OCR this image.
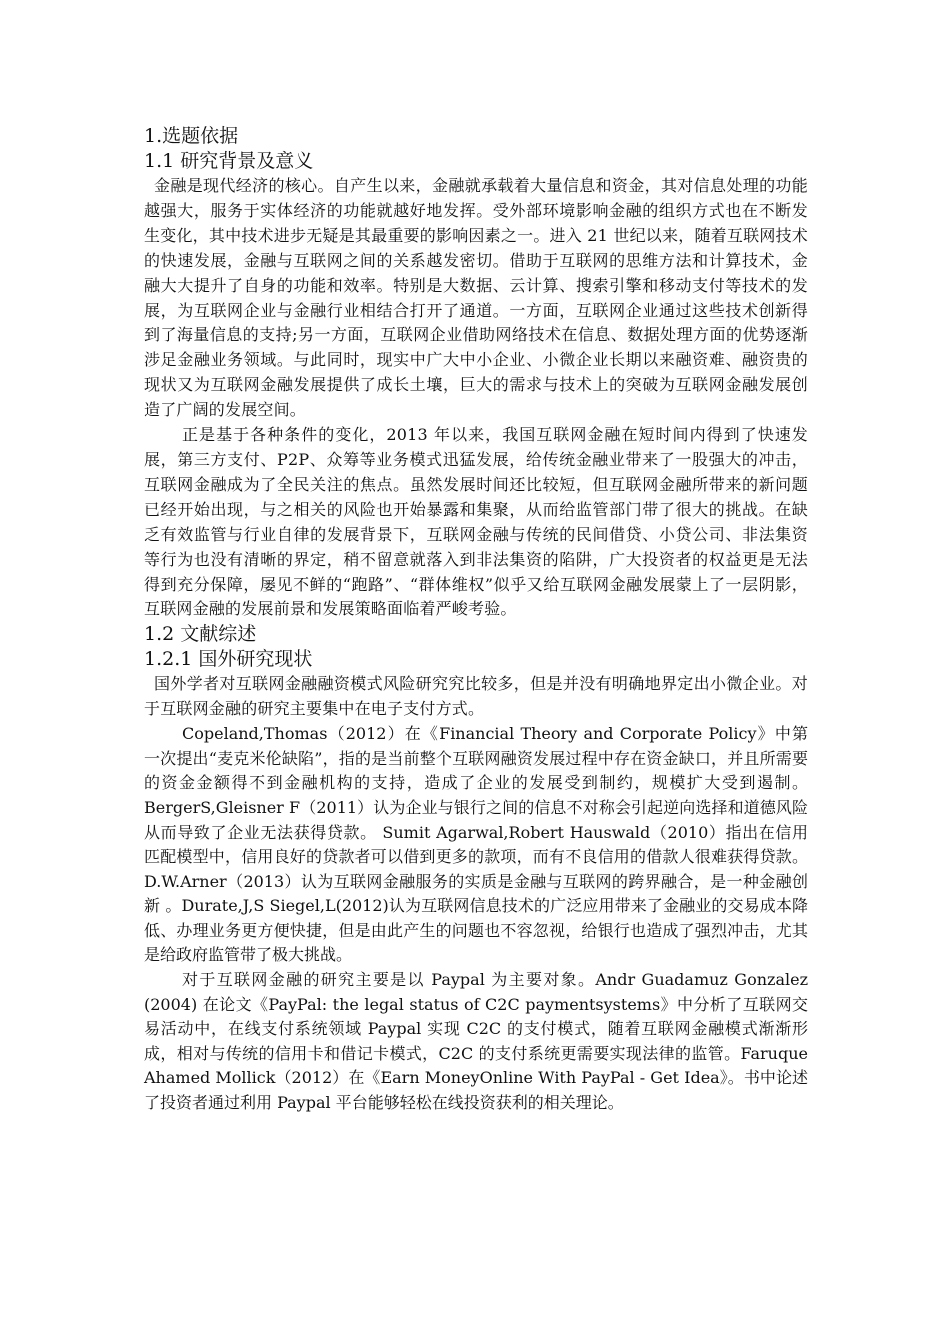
1.选题依据
1.1 研究背景及意义

金融是现代经济的核心。自产生以来，金融就承载着大量信息和资金，其对信息处理的功能越强大，服务于实体经济的功能就越好地发挥。受外部环境影响金融的组织方式也在不断发生变化，其中技术进步无疑是其最重要的影响因素之一。进入 21 世纪以来，随着互联网技术的快速发展，金融与互联网之间的关系越发密切。借助于互联网的思维方法和计算技术，金融大大提升了自身的功能和效率。特别是大数据、云计算、搜索引擎和移动支付等技术的发展，为互联网企业与金融行业相结合打开了通道。一方面，互联网企业通过这些技术创新得到了海量信息的支持;另一方面，互联网企业借助网络技术在信息、数据处理方面的优势逐渐涉足金融业务领域。与此同时，现实中广大中小企业、小微企业长期以来融资难、融资贵的现状又为互联网金融发展提供了成长土壤，巨大的需求与技术上的突破为互联网金融发展创造了广阔的发展空间。

正是基于各种条件的变化，2013 年以来，我国互联网金融在短时间内得到了快速发展，第三方支付、P2P、众筹等业务模式迅猛发展，给传统金融业带来了一股强大的冲击，互联网金融成为了全民关注的焦点。虽然发展时间还比较短，但互联网金融所带来的新问题已经开始出现，与之相关的风险也开始暴露和集聚，从而给监管部门带了很大的挑战。在缺乏有效监管与行业自律的发展背景下，互联网金融与传统的民间借贷、小贷公司、非法集资等行为也没有清晰的界定，稍不留意就落入到非法集资的陷阱，广大投资者的权益更是无法得到充分保障，屡见不鲜的“跑路”、“群体维权”似乎又给互联网金融发展蒙上了一层阴影，互联网金融的发展前景和发展策略面临着严峻考验。

1.2 文献综述
1.2.1 国外研究现状

国外学者对互联网金融融资模式风险研究究比较多，但是并没有明确地界定出小微企业。对于互联网金融的研究主要集中在电子支付方式。

Copeland,Thomas（2012）在《Financial Theory and Corporate Policy》中第一次提出“麦克米伦缺陷”，指的是当前整个互联网融资发展过程中存在资金缺口，并且所需要的资金金额得不到金融机构的支持，造成了企业的发展受到制约，规模扩大受到遏制。BergerS,Gleisner F（2011）认为企业与银行之间的信息不对称会引起逆向选择和道德风险从而导致了企业无法获得贷款。 Sumit Agarwal,Robert Hauswald（2010）指出在信用匹配模型中，信用良好的贷款者可以借到更多的款项，而有不良信用的借款人很难获得贷款。D.W.Arner（2013）认为互联网金融服务的实质是金融与互联网的跨界融合，是一种金融创新 。Durate,J,S Siegel,L(2012)认为互联网信息技术的广泛应用带来了金融业的交易成本降低、办理业务更方便快捷，但是由此产生的问题也不容忽视，给银行也造成了强烈冲击，尤其是给政府监管带了极大挑战。

对于互联网金融的研究主要是以 Paypal 为主要对象。Andr Guadamuz Gonzalez (2004) 在论文《PayPal: the legal status of C2C paymentsystems》中分析了互联网交易活动中，在线支付系统领域 Paypal 实现 C2C 的支付模式，随着互联网金融模式渐渐形成，相对与传统的信用卡和借记卡模式，C2C 的支付系统更需要实现法律的监管。Faruque Ahamed Mollick（2012）在《Earn MoneyOnline With PayPal - Get Idea》。书中论述了投资者通过利用 Paypal 平台能够轻松在线投资获利的相关理论。
